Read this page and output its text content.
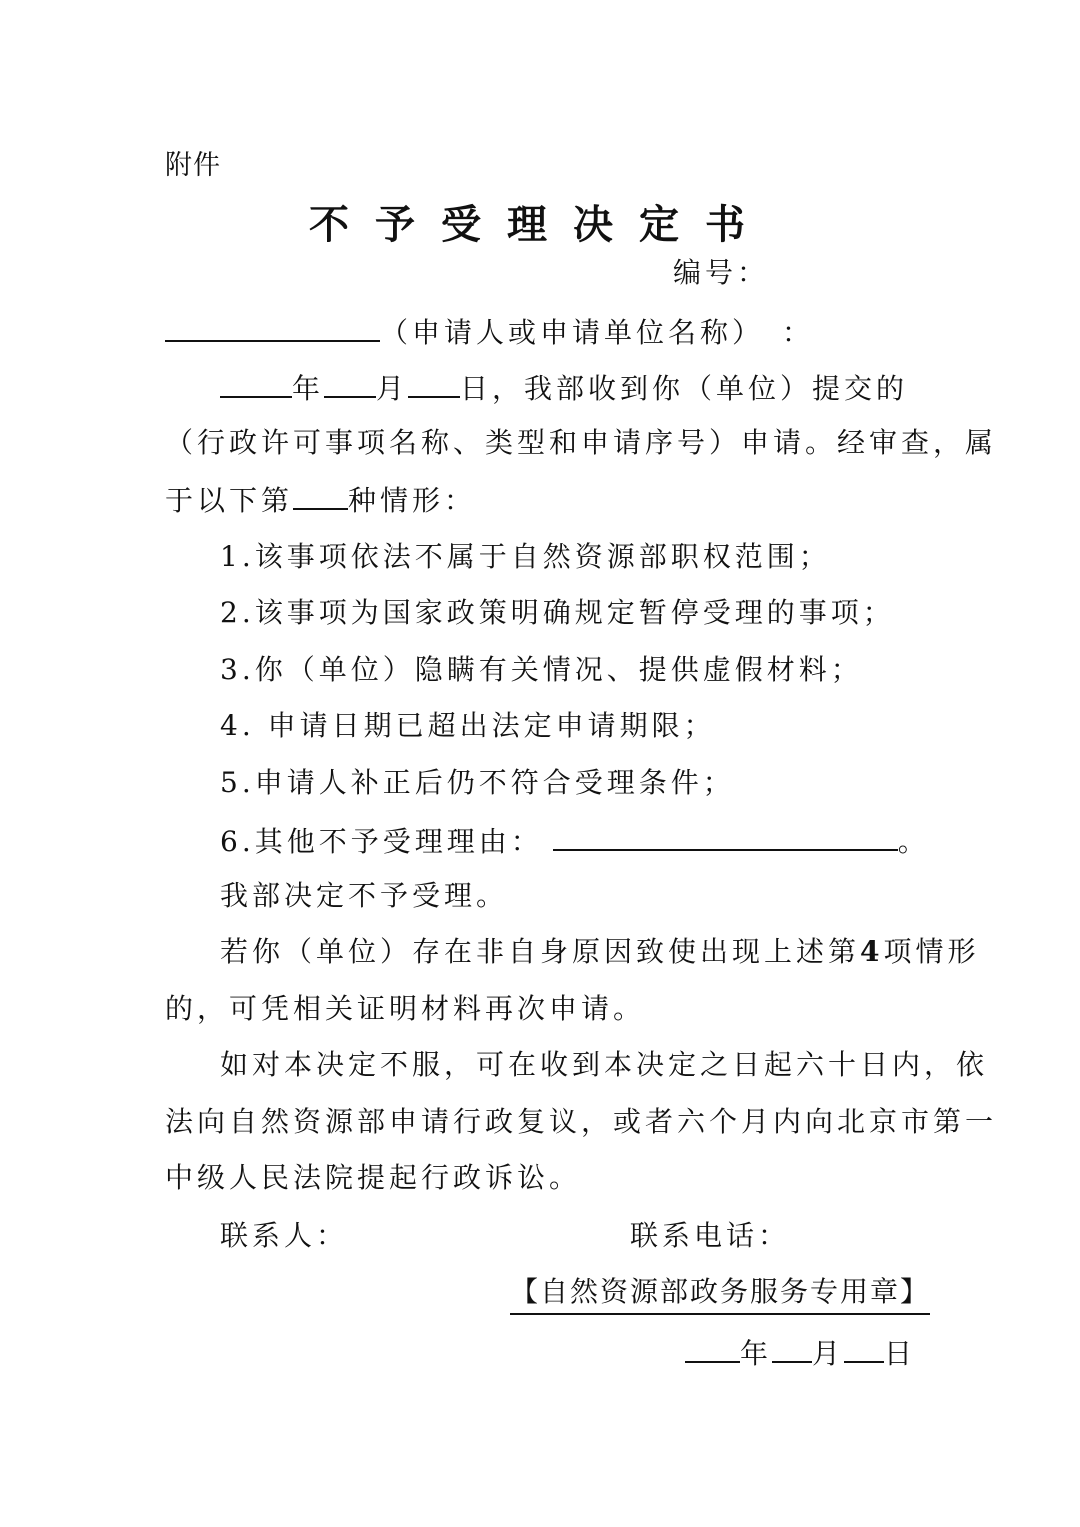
附件
不予受理决定书
编号：
（申请人或申请单位名称）　：
年 月 日，我部收到你（单位）提交的
（行政许可事项名称、类型和申请序号）申请。经审查，属
于以下第 种情形：
1.该事项依法不属于自然资源部职权范围；
2.该事项为国家政策明确规定暂停受理的事项；
3.你（单位）隐瞒有关情况、提供虚假材料；
4. 申请日期已超出法定申请期限；
5.申请人补正后仍不符合受理条件；
6.其他不予受理理由：	。
我部决定不予受理。
若你（单位）存在非自身原因致使出现上述第4项情形
的，可凭相关证明材料再次申请。
如对本决定不服，可在收到本决定之日起六十日内，依
法向自然资源部申请行政复议，或者六个月内向北京市第一
中级人民法院提起行政诉讼。
联系人：	联系电话：
【自然资源部政务服务专用章】
年 月 日
